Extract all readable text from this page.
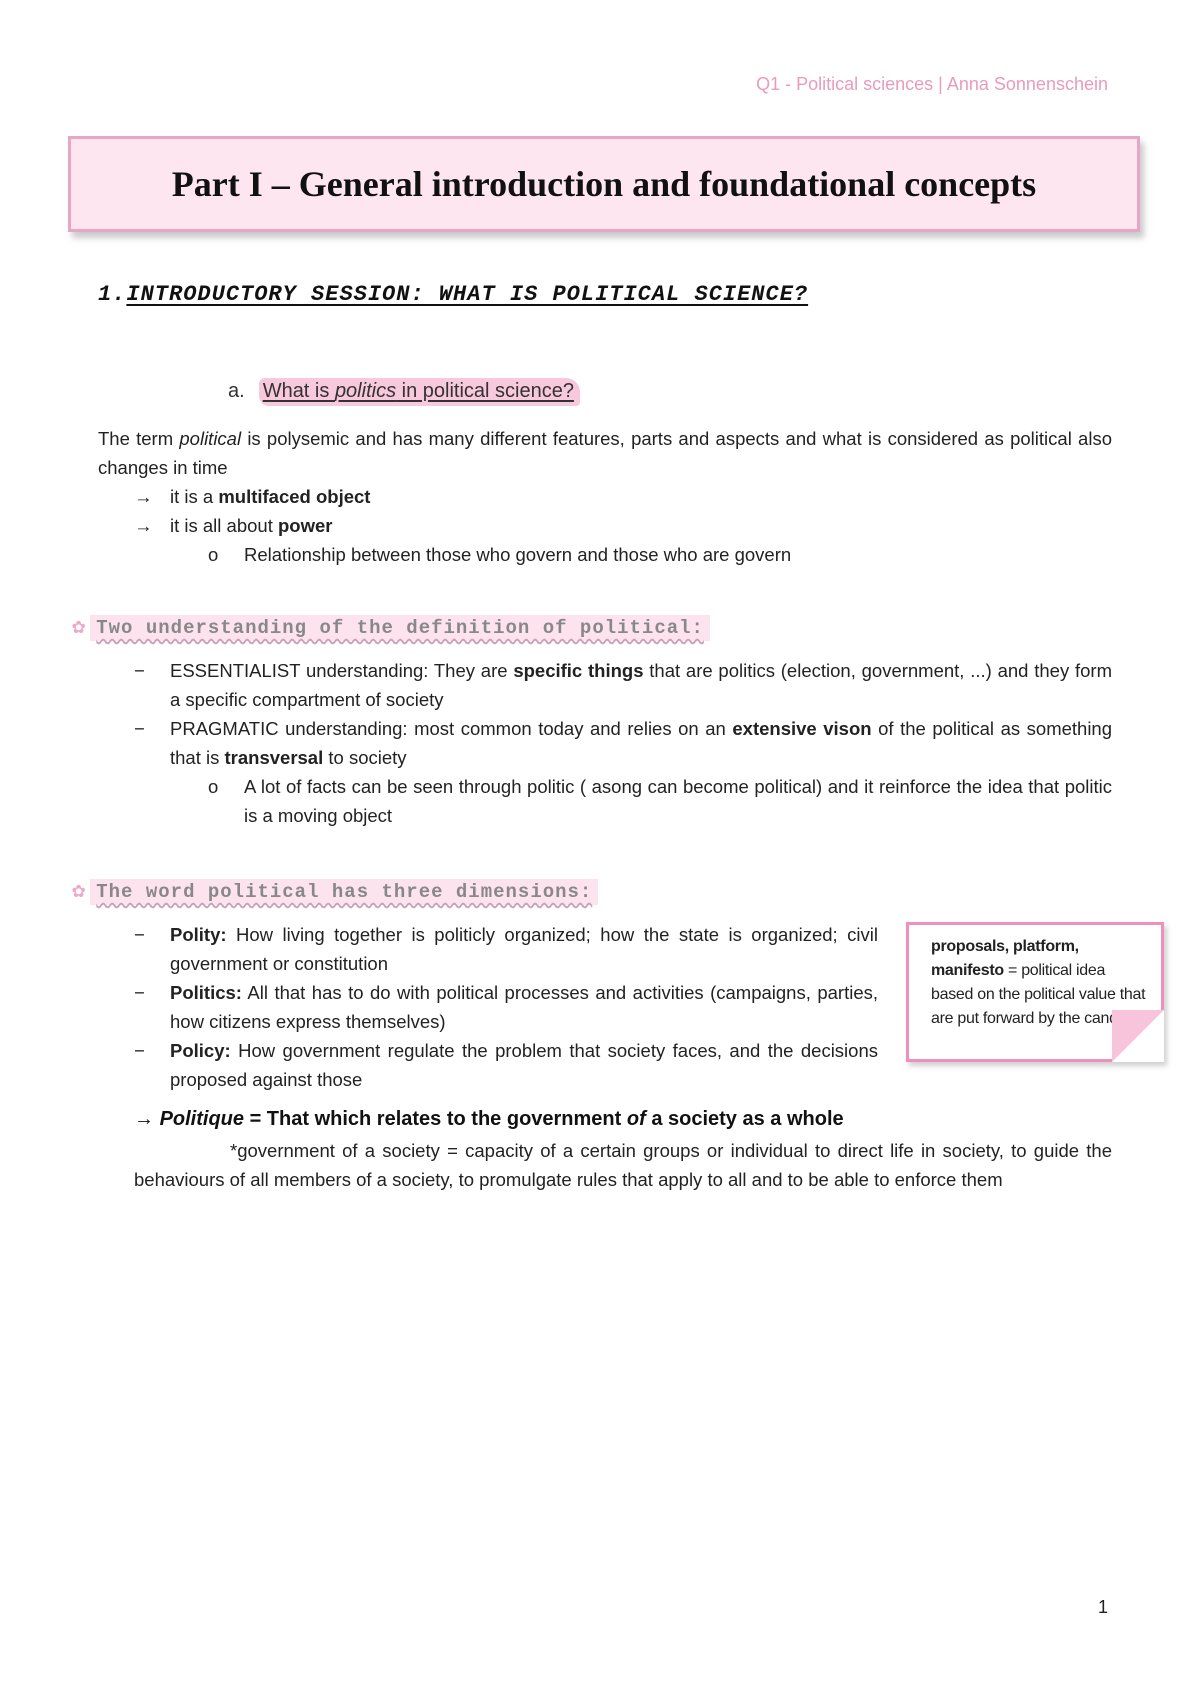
Q1 - Political sciences | Anna Sonnenschein
Part I – General introduction and foundational concepts
1.INTRODUCTORY SESSION: WHAT IS POLITICAL SCIENCE?
a. What is politics in political science?
The term political is polysemic and has many different features, parts and aspects and what is considered as political also changes in time
→ it is a multifaced object
→ it is all about power
o	Relationship between those who govern and those who are govern
✿ Two understanding of the definition of political:
−	ESSENTIALIST understanding: They are specific things that are politics (election, government, ...) and they form a specific compartment of society
−	PRAGMATIC understanding: most common today and relies on an extensive vison of the political as something that is transversal to society
o	A lot of facts can be seen through politic ( asong can become political) and it reinforce the idea that politic is a moving object
✿ The word political has three dimensions:
−	Polity: How living together is politicly organized; how the state is organized; civil government or constitution
−	Politics: All that has to do with political processes and activities (campaigns, parties, how citizens express themselves)
−	Policy: How government regulate the problem that society faces, and the decisions proposed against those
proposals, platform, manifesto = political idea based on the political value that are put forward by the candidate
→ Politique = That which relates to the government of a society as a whole
*government of a society = capacity of a certain groups or individual to direct life in society, to guide the behaviours of all members of a society, to promulgate rules that apply to all and to be able to enforce them
1
